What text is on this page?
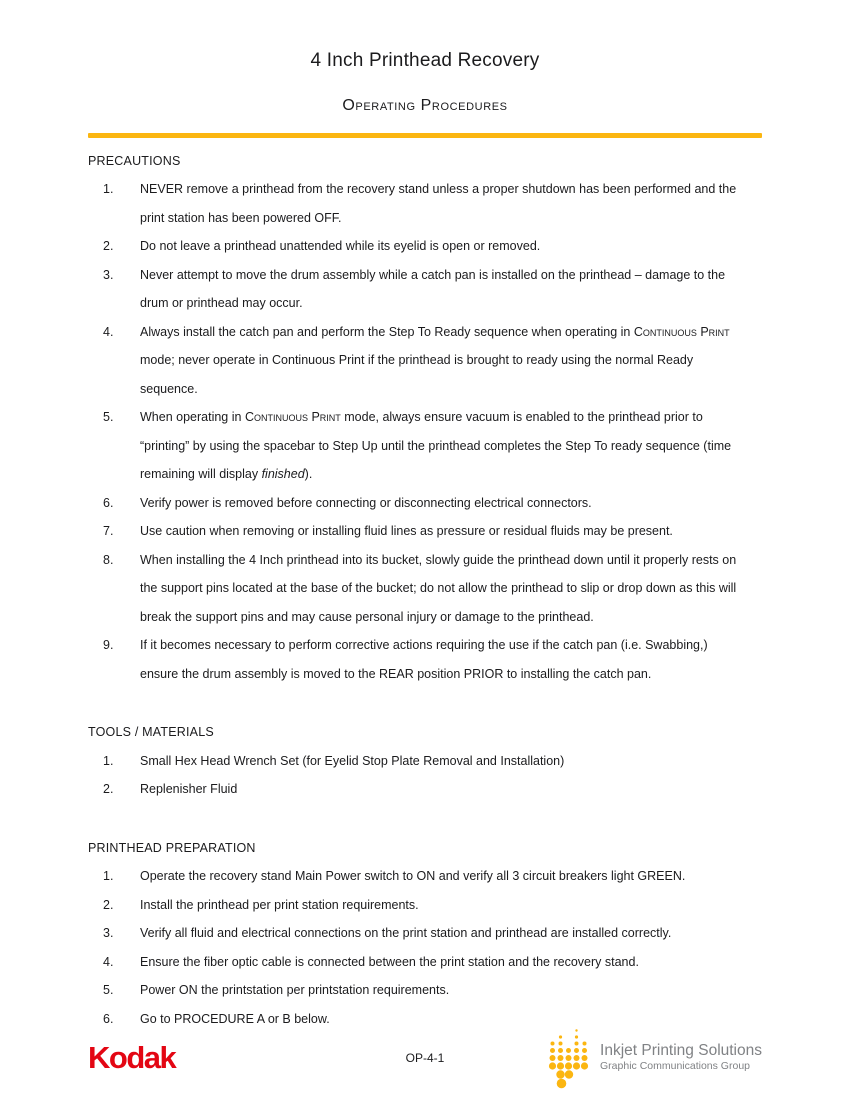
4 Inch Printhead Recovery
Operating Procedures
PRECAUTIONS
1.	NEVER remove a printhead from the recovery stand unless a proper shutdown has been performed and the print station has been powered OFF.
2.	Do not leave a printhead unattended while its eyelid is open or removed.
3.	Never attempt to move the drum assembly while a catch pan is installed on the printhead – damage to the drum or printhead may occur.
4.	Always install the catch pan and perform the Step To Ready sequence when operating in Continuous Print mode; never operate in Continuous Print if the printhead is brought to ready using the normal Ready sequence.
5.	When operating in Continuous Print mode, always ensure vacuum is enabled to the printhead prior to “printing” by using the spacebar to Step Up until the printhead completes the Step To ready sequence (time remaining will display finished).
6.	Verify power is removed before connecting or disconnecting electrical connectors.
7.	Use caution when removing or installing fluid lines as pressure or residual fluids may be present.
8.	When installing the 4 Inch printhead into its bucket, slowly guide the printhead down until it properly rests on the support pins located at the base of the bucket; do not allow the printhead to slip or drop down as this will break the support pins and may cause personal injury or damage to the printhead.
9.	If it becomes necessary to perform corrective actions requiring the use if the catch pan (i.e. Swabbing,) ensure the drum assembly is moved to the REAR position PRIOR to installing the catch pan.
TOOLS / MATERIALS
1.	Small Hex Head Wrench Set (for Eyelid Stop Plate Removal and Installation)
2.	Replenisher Fluid
PRINTHEAD PREPARATION
1.	Operate the recovery stand Main Power switch to ON and verify all 3 circuit breakers light GREEN.
2.	Install the printhead per print station requirements.
3.	Verify all fluid and electrical connections on the print station and printhead are installed correctly.
4.	Ensure the fiber optic cable is connected between the print station and the recovery stand.
5.	Power ON the printstation per printstation requirements.
6.	Go to PROCEDURE A or B below.
Kodak	OP-4-1	Inkjet Printing Solutions
Graphic Communications Group
